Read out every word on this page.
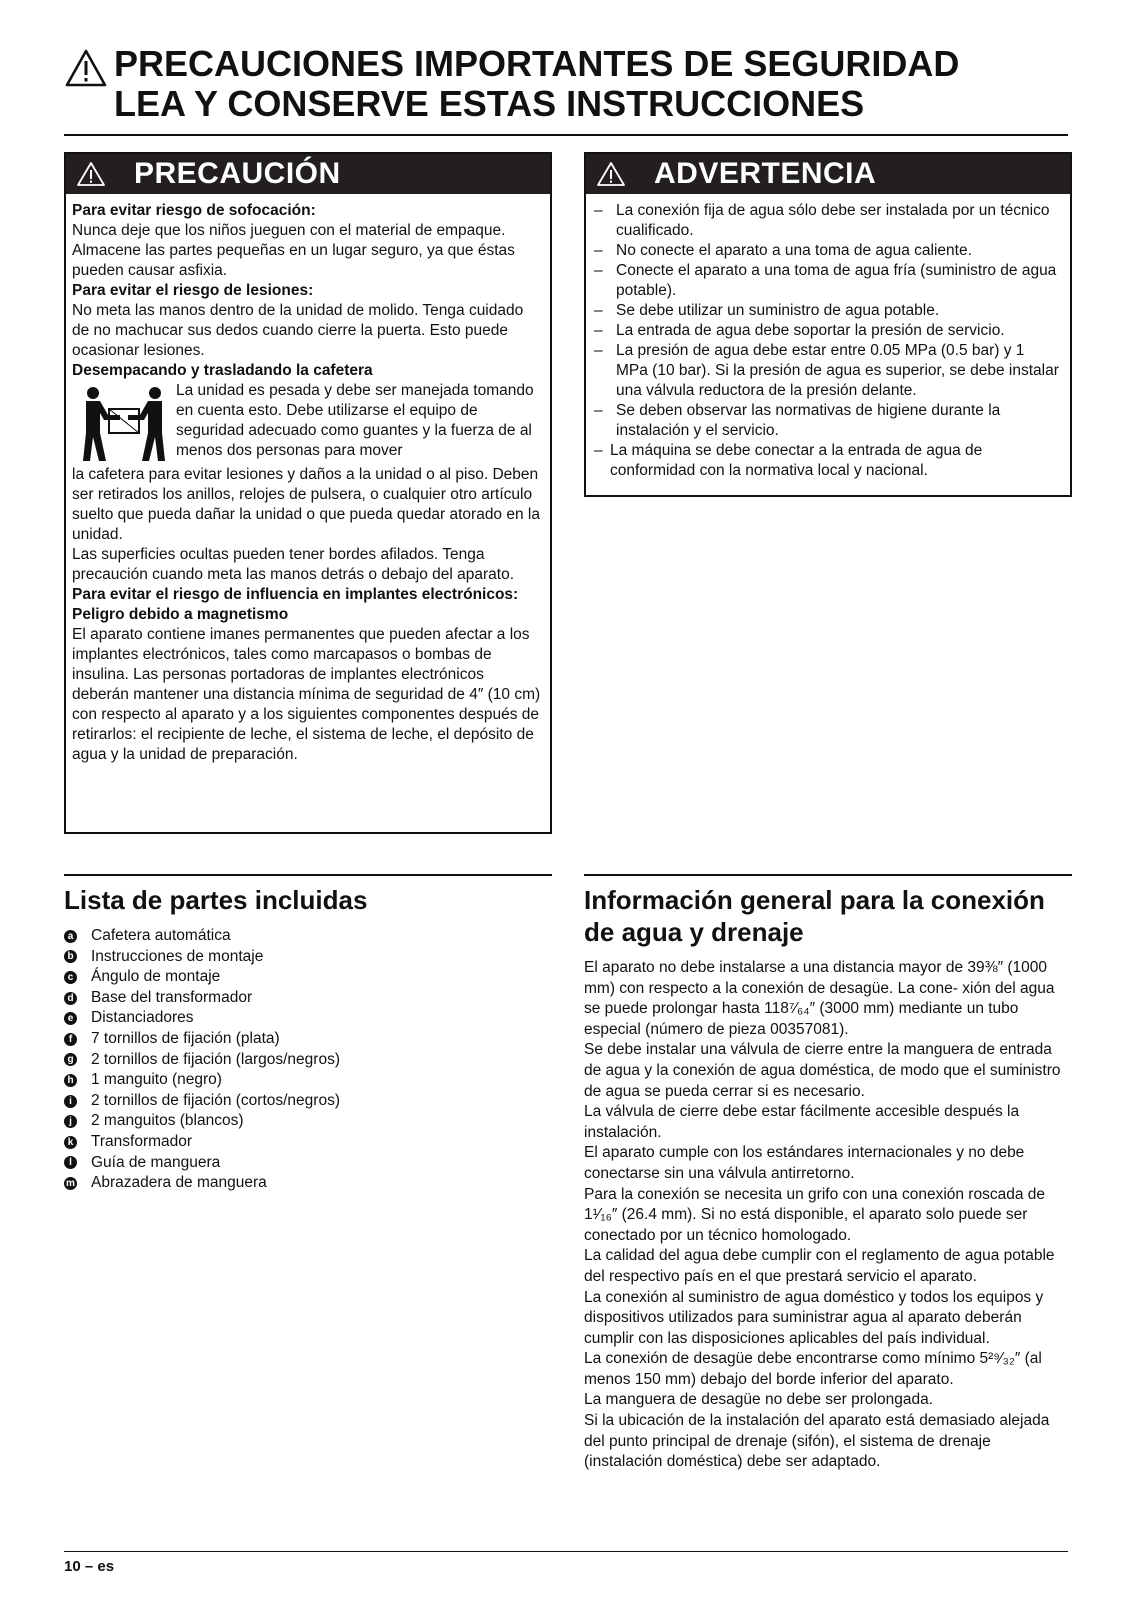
PRECAUCIONES IMPORTANTES DE SEGURIDAD
LEA Y CONSERVE ESTAS INSTRUCCIONES
PRECAUCIÓN

Para evitar riesgo de sofocación:

Nunca deje que los niños jueguen con el material de empaque. Almacene las partes pequeñas en un lugar seguro, ya que éstas pueden causar asfixia.

Para evitar el riesgo de lesiones:

No meta las manos dentro de la unidad de molido. Tenga cuidado de no machucar sus dedos cuando cierre la puerta. Esto puede ocasionar lesiones.

Desempacando y trasladando la cafetera

La unidad es pesada y debe ser manejada tomando en cuenta esto. Debe utilizarse el equipo de seguridad adecuado como guantes y la fuerza de al menos dos personas para mover

la cafetera para evitar lesiones y daños a la unidad o al piso. Deben ser retirados los anillos, relojes de pulsera, o cualquier otro artículo suelto que pueda dañar la unidad o que pueda quedar atorado en la unidad.

Las superficies ocultas pueden tener bordes afilados. Tenga precaución cuando meta las manos detrás o debajo del aparato.

Para evitar el riesgo de influencia en implantes electrónicos:

Peligro debido a magnetismo

El aparato contiene imanes permanentes que pueden afectar a los implantes electrónicos, tales como marcapasos o bombas de insulina. Las personas portadoras de implantes electrónicos deberán mantener una distancia mínima de seguridad de 4″ (10 cm) con respecto al aparato y a los siguientes componentes después de retirarlos: el recipiente de leche, el sistema de leche, el depósito de agua y la unidad de preparación.

ADVERTENCIA
– La conexión fija de agua sólo debe ser instalada por un técnico cualificado.
– No conecte el aparato a una toma de agua caliente.
– Conecte el aparato a una toma de agua fría (suministro de agua potable).
– Se debe utilizar un suministro de agua potable.
– La entrada de agua debe soportar la presión de servicio.
– La presión de agua debe estar entre 0.05 MPa (0.5 bar) y 1 MPa (10 bar). Si la presión de agua es superior, se debe instalar una válvula reductora de la presión delante.
– Se deben observar las normativas de higiene durante la instalación y el servicio.
– La máquina se debe conectar a la entrada de agua de conformidad con la normativa local y nacional.
Lista de partes incluidas
a Cafetera automática
b Instrucciones de montaje
c Ángulo de montaje
d Base del transformador
e Distanciadores
f	7 tornillos de fijación (plata)
g 2 tornillos de fijación (largos/negros)
h 1 manguito (negro)
i	2 tornillos de fijación (cortos/negros)
j	2 manguitos (blancos)
k Transformador
l	Guía de manguera
m Abrazadera de manguera
Información general para la conexión de agua y drenaje

El aparato no debe instalarse a una distancia mayor de 39⅜″ (1000 mm) con respecto a la conexión de desagüe. La cone- xión del agua se puede prolongar hasta 118⁷⁄₆₄″ (3000 mm) mediante un tubo especial (número de pieza 00357081).

Se debe instalar una válvula de cierre entre la manguera de entrada de agua y la conexión de agua doméstica, de modo que el suministro de agua se pueda cerrar si es necesario.

La válvula de cierre debe estar fácilmente accesible después la instalación.

El aparato cumple con los estándares internacionales y no debe conectarse sin una válvula antirretorno.

Para la conexión se necesita un grifo con una conexión roscada de 1¹⁄₁₆″ (26.4 mm). Si no está disponible, el aparato solo puede ser conectado por un técnico homologado.

La calidad del agua debe cumplir con el reglamento de agua potable del respectivo país en el que prestará servicio el aparato.

La conexión al suministro de agua doméstico y todos los equipos y dispositivos utilizados para suministrar agua al aparato deberán cumplir con las disposiciones aplicables del país individual.

La conexión de desagüe debe encontrarse como mínimo 5²⁹⁄₃₂″ (al menos 150 mm) debajo del borde inferior del aparato.

La manguera de desagüe no debe ser prolongada.

Si la ubicación de la instalación del aparato está demasiado alejada del punto principal de drenaje (sifón), el sistema de drenaje (instalación doméstica) debe ser adaptado.

10 – es
